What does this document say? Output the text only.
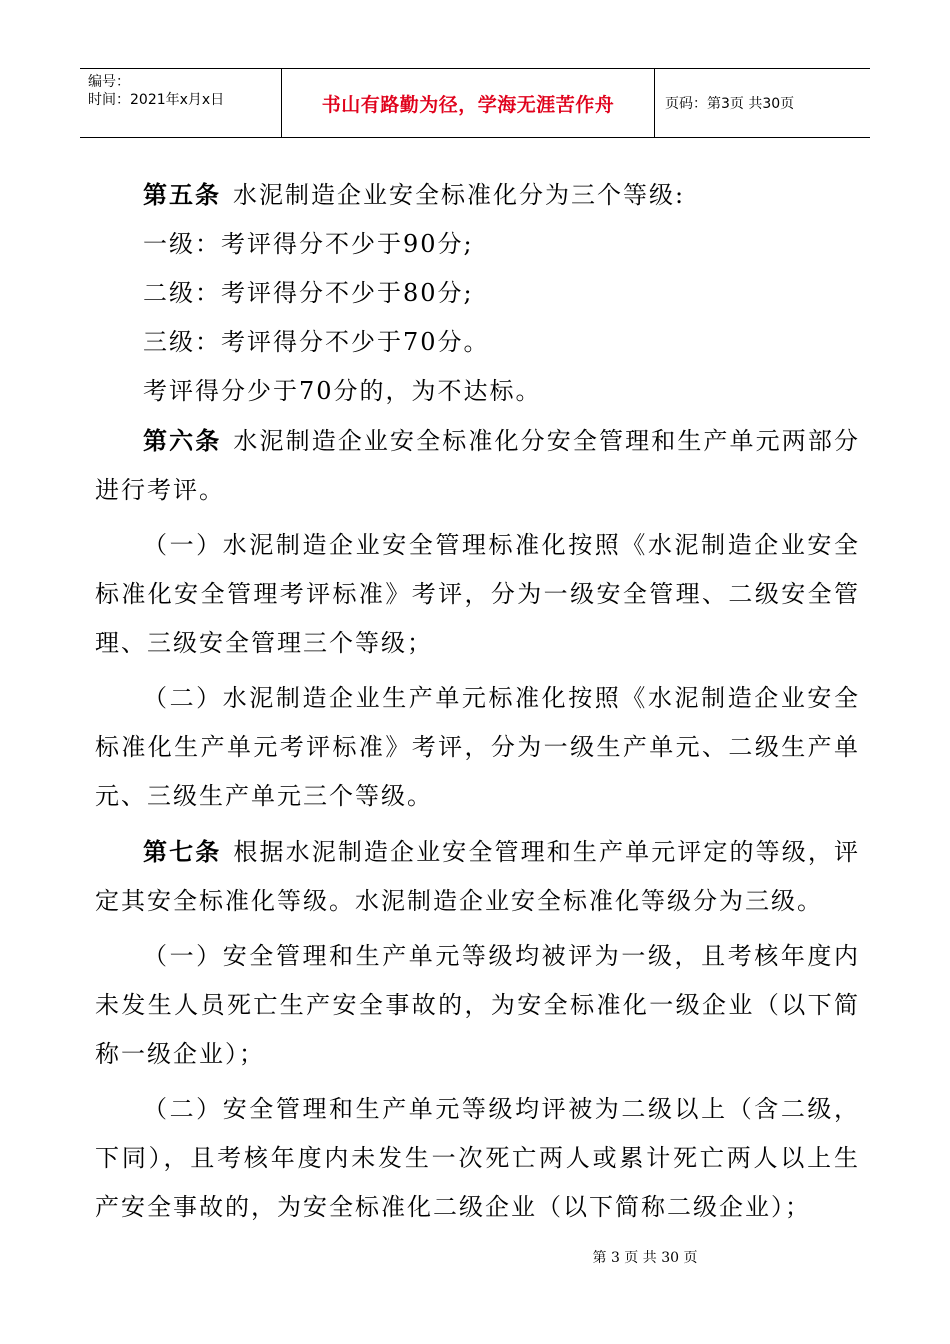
编号：
时间：2021年x月x日	书山有路勤为径，学海无涯苦作舟	页码：第3页 共30页

第五条 水泥制造企业安全标准化分为三个等级:

一级：考评得分不少于90分;

二级：考评得分不少于80分;

三级：考评得分不少于70分。

考评得分少于70分的，为不达标。

第六条 水泥制造企业安全标准化分安全管理和生产单元两部分进行考评。

（一）水泥制造企业安全管理标准化按照《水泥制造企业安全标准化安全管理考评标准》考评，分为一级安全管理、二级安全管理、三级安全管理三个等级；

（二）水泥制造企业生产单元标准化按照《水泥制造企业安全标准化生产单元考评标准》考评，分为一级生产单元、二级生产单元、三级生产单元三个等级。

第七条 根据水泥制造企业安全管理和生产单元评定的等级，评定其安全标准化等级。水泥制造企业安全标准化等级分为三级。

（一）安全管理和生产单元等级均被评为一级，且考核年度内未发生人员死亡生产安全事故的，为安全标准化一级企业（以下简称一级企业）；

（二）安全管理和生产单元等级均评被为二级以上（含二级，下同），且考核年度内未发生一次死亡两人或累计死亡两人以上生产安全事故的，为安全标准化二级企业（以下简称二级企业）；

第 3 页 共 30 页
